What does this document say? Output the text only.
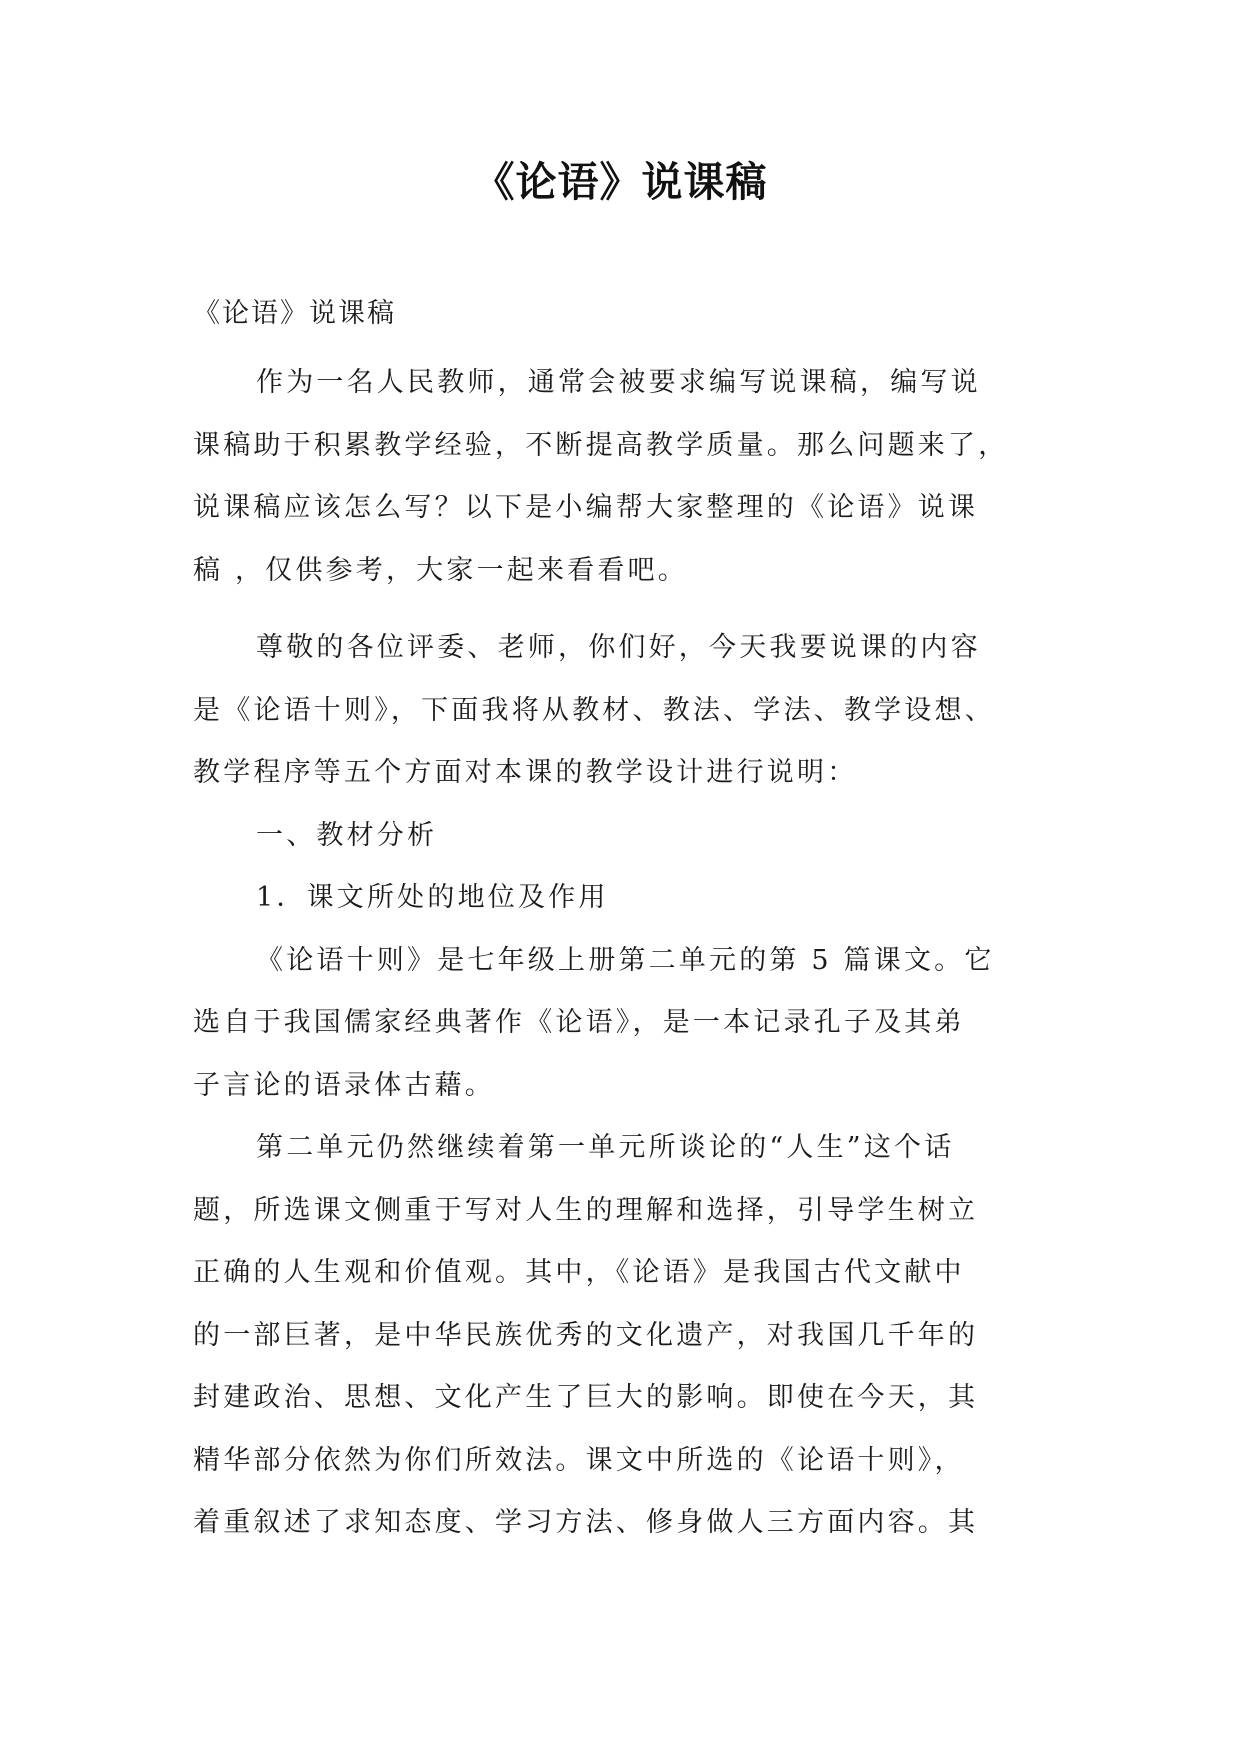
《论语》说课稿
《论语》说课稿
作为一名人民教师，通常会被要求编写说课稿，编写说
课稿助于积累教学经验，不断提高教学质量。那么问题来了，
说课稿应该怎么写？以下是小编帮大家整理的《论语》说课
稿 ，仅供参考，大家一起来看看吧。
尊敬的各位评委、老师，你们好，今天我要说课的内容
是《论语十则》，下面我将从教材、教法、学法、教学设想、
教学程序等五个方面对本课的教学设计进行说明：
一、教材分析
1．课文所处的地位及作用
《论语十则》是七年级上册第二单元的第 5 篇课文。它
选自于我国儒家经典著作《论语》，是一本记录孔子及其弟
子言论的语录体古藉。
第二单元仍然继续着第一单元所谈论的“人生”这个话
题，所选课文侧重于写对人生的理解和选择，引导学生树立
正确的人生观和价值观。其中，《论语》是我国古代文献中
的一部巨著，是中华民族优秀的文化遗产，对我国几千年的
封建政治、思想、文化产生了巨大的影响。即使在今天，其
精华部分依然为你们所效法。课文中所选的《论语十则》，
着重叙述了求知态度、学习方法、修身做人三方面内容。其
